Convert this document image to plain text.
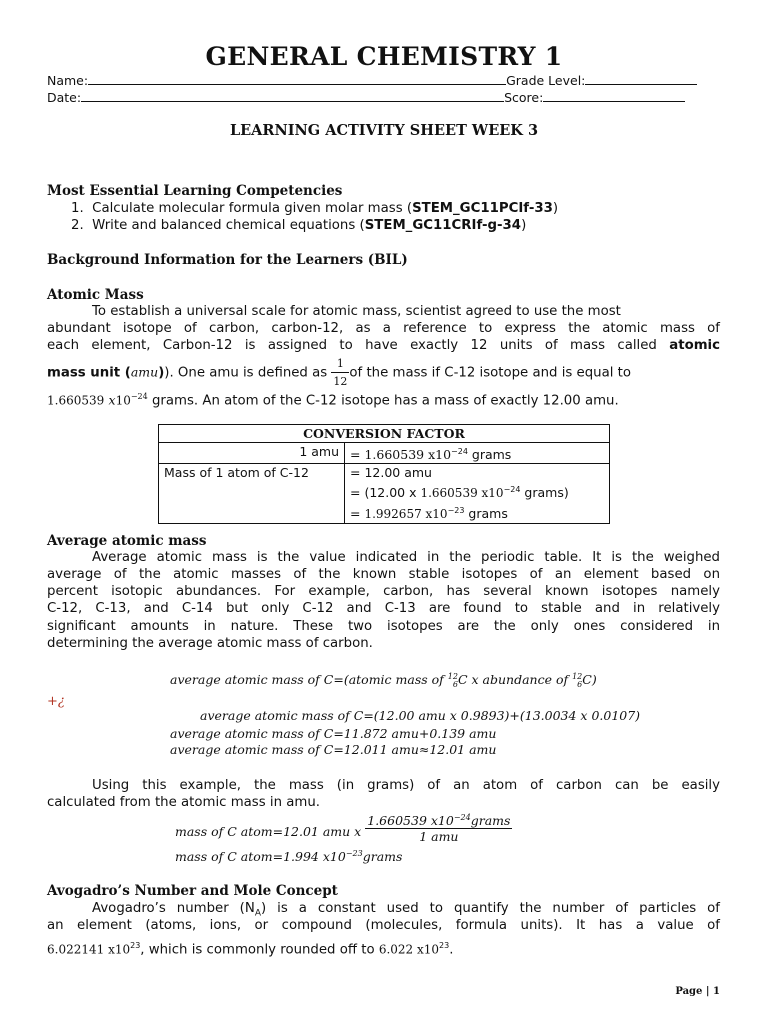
GENERAL CHEMISTRY 1
Name:	Grade Level:
Date:	Score:
LEARNING ACTIVITY SHEET WEEK 3
Most Essential Learning Competencies
1. Calculate molecular formula given molar mass (STEM_GC11PCIf-33)
2. Write and balanced chemical equations (STEM_GC11CRIf-g-34)
Background Information for the Learners (BIL)
Atomic Mass
To establish a universal scale for atomic mass, scientist agreed to use the most
abundant isotope of carbon, carbon-12, as a reference to express the atomic mass of
each element, Carbon-12 is assigned to have exactly 12 units of mass called atomic
mass unit (amu)). One amu is defined as $\frac{1}{12}$ of the mass if C-12 isotope and is equal to
1.660539 $x10^{-24}$ grams. An atom of the C-12 isotope has a mass of exactly 12.00 amu.
CONVERSION FACTOR	
1 amu	= 1.660539 $x10^{-24}$ grams
Mass of 1 atom of C-12	= 12.00 amu
	= (12.00 x 1.660539 $x10^{-24}$ grams)
	= 1.992657 $x10^{-23}$ grams
Average atomic mass
Average atomic mass is the value indicated in the periodic table. It is the weighed
average of the atomic masses of the known stable isotopes of an element based on
percent isotopic abundances. For example, carbon, has several known isotopes namely
C-12, C-13, and C-14 but only C-12 and C-13 are found to stable and in relatively
significant amounts in nature. These two isotopes are the only ones considered in
determining the average atomic mass of carbon.
average atomic mass of C=(atomic mass of 12
6 C x abundance of 12
6 C)
+¿
average atomic mass of C=(12.00 amu x 0.9893)+(13.0034 x 0.0107)
average atomic mass of C=11.872 amu+0.139 amu
average atomic mass of C=12.011 amu≈12.01 amu
Using this example, the mass (in grams) of an atom of carbon can be easily
calculated from the atomic mass in amu.
mass of C atom=12.01 amu x $\frac{1.660539 x10^{-24}grams}{\text{1 amu}}$
mass of C atom=1.994 $x10^{-23}grams$
Avogadro’s Number and Mole Concept
Avogadro’s number $(N_A)$ is a constant used to quantify the number of particles of
an element (atoms, ions, or compound (molecules, formula units). It has a value of
6.022141 $x10^{23}$, which is commonly rounded off to 6.022 $x10^{23}$.
Page | 1
